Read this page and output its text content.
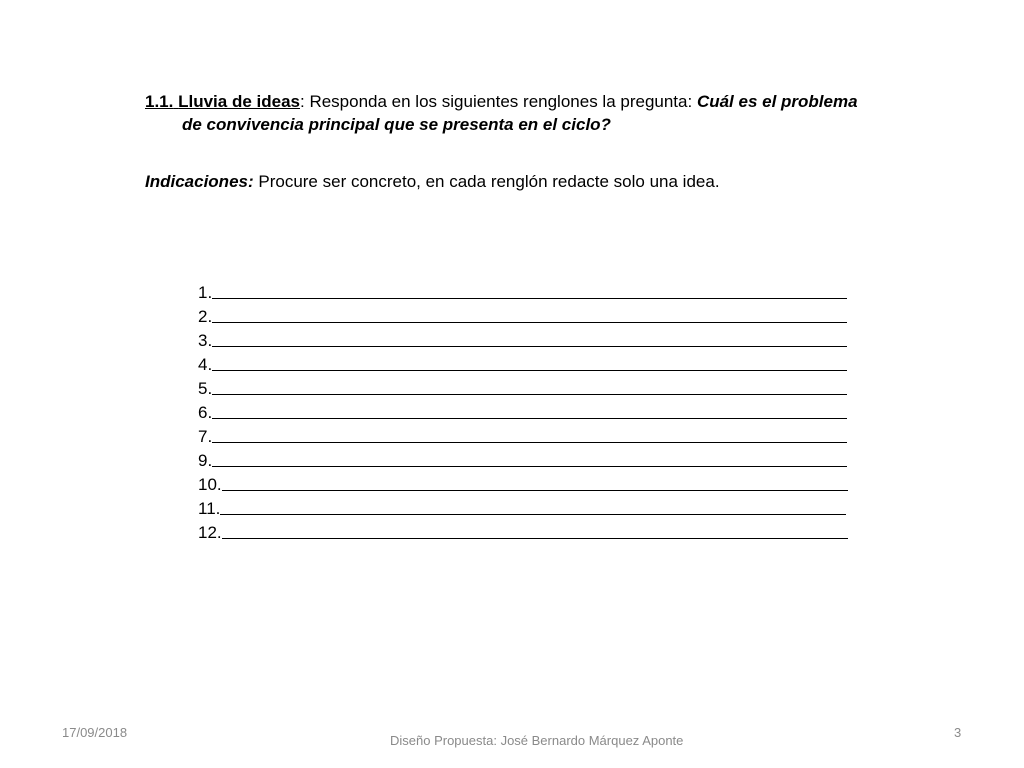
1.1. Lluvia de ideas: Responda en los siguientes renglones la pregunta: Cuál es el problema
de convivencia principal que se presenta en el ciclo?
Indicaciones: Procure ser concreto, en cada renglón redacte solo una idea.
1.
2.
3.
4.
5.
6.
7.
9.
10.
11.
12.
17/09/2018
Diseño Propuesta: José Bernardo Márquez Aponte
3
